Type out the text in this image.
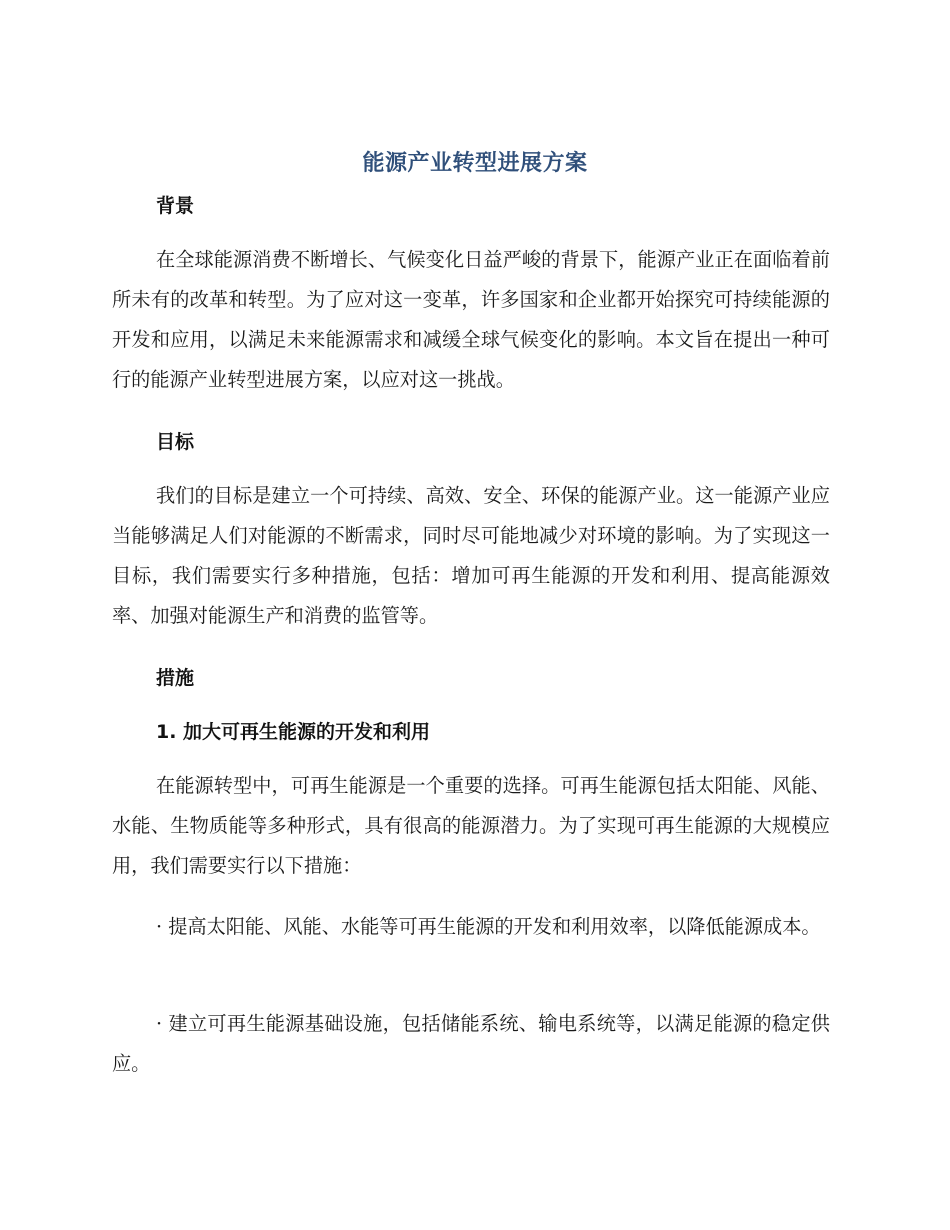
能源产业转型进展方案
背景

在全球能源消费不断增长、气候变化日益严峻的背景下，能源产业正在面临着前所未有的改革和转型。为了应对这一变革，许多国家和企业都开始探究可持续能源的开发和应用，以满足未来能源需求和减缓全球气候变化的影响。本文旨在提出一种可行的能源产业转型进展方案，以应对这一挑战。

目标

我们的目标是建立一个可持续、高效、安全、环保的能源产业。这一能源产业应当能够满足人们对能源的不断需求，同时尽可能地减少对环境的影响。为了实现这一目标，我们需要实行多种措施，包括：增加可再生能源的开发和利用、提高能源效率、加强对能源生产和消费的监管等。

措施
1. 加大可再生能源的开发和利用

在能源转型中，可再生能源是一个重要的选择。可再生能源包括太阳能、风能、水能、生物质能等多种形式，具有很高的能源潜力。为了实现可再生能源的大规模应用，我们需要实行以下措施：

· 提高太阳能、风能、水能等可再生能源的开发和利用效率，以降低能源成本。

· 建立可再生能源基础设施，包括储能系统、输电系统等，以满足能源的稳定供应。
